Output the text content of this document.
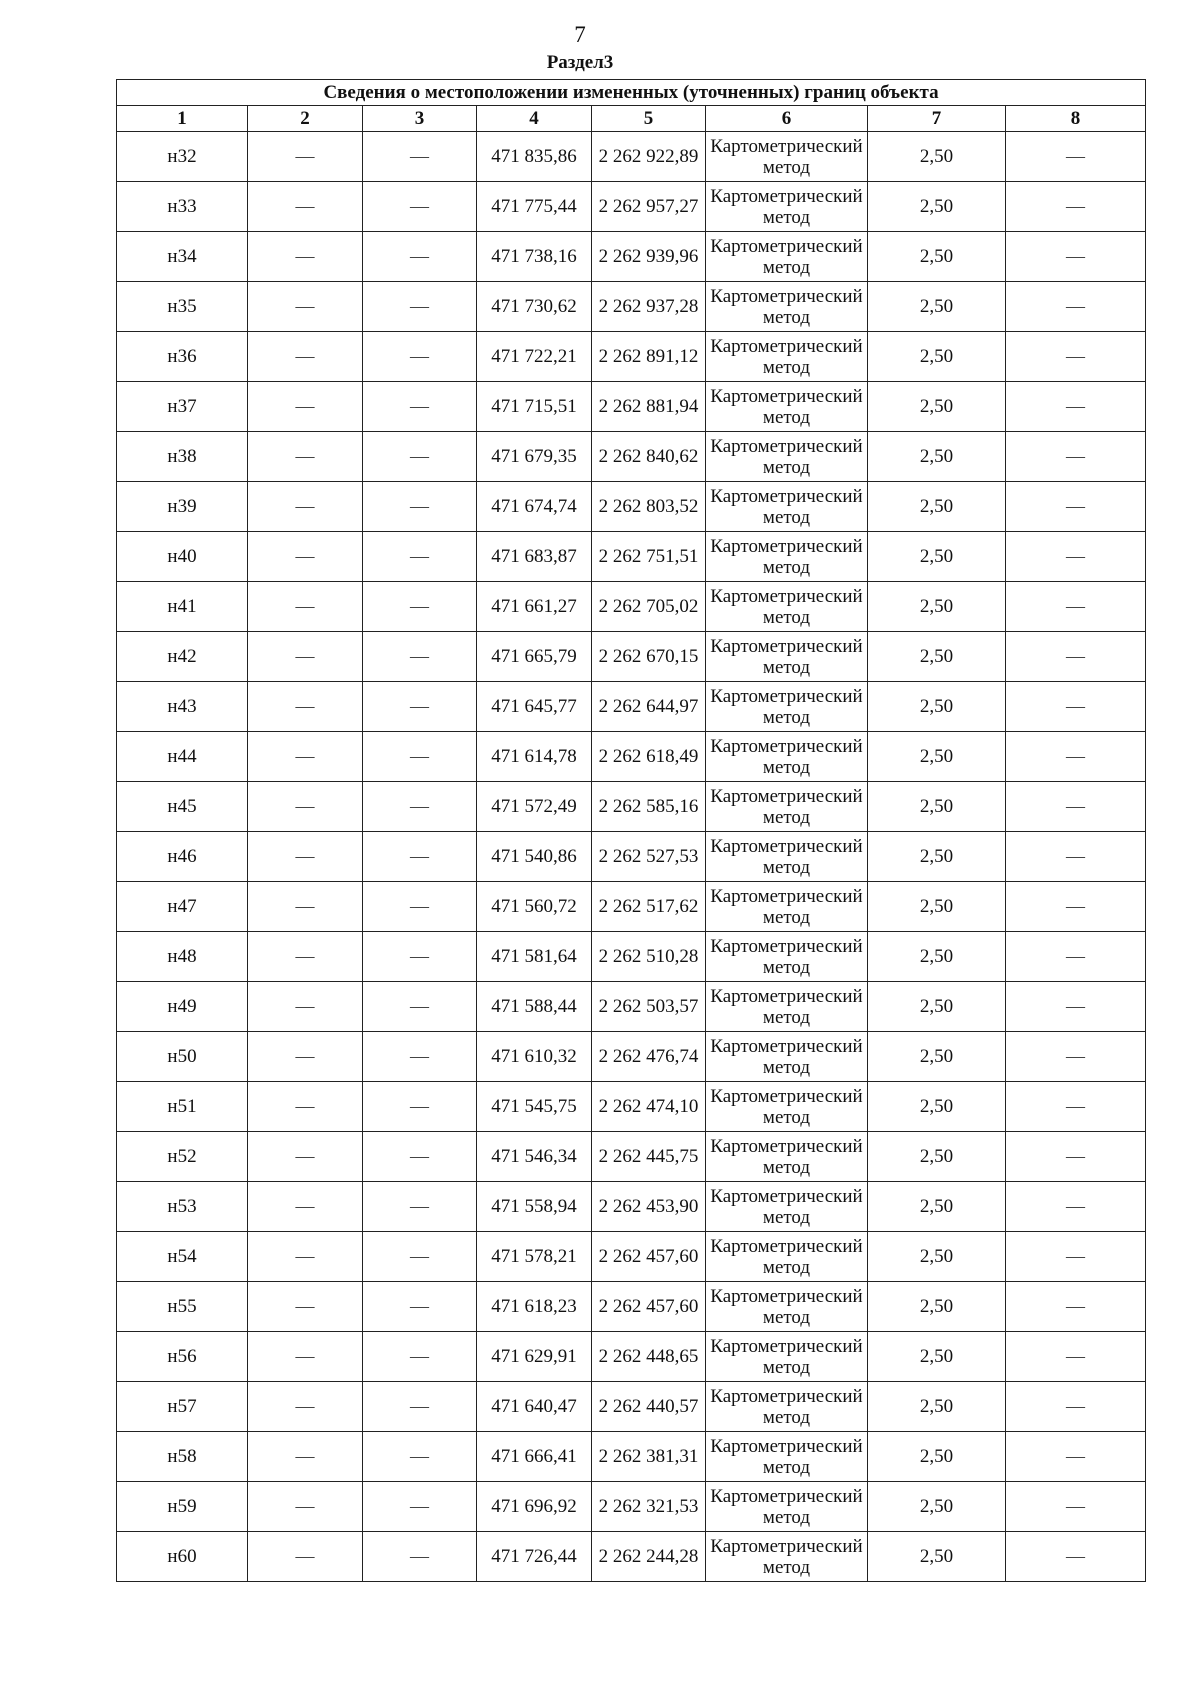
7
Раздел3
Сведения о местоположении измененных (уточненных) границ объекта							
1	2	3	4	5	6	7	8
н32	—	—	471 835,86	2 262 922,89	Картометрический метод	2,50	—
н33	—	—	471 775,44	2 262 957,27	Картометрический метод	2,50	—
н34	—	—	471 738,16	2 262 939,96	Картометрический метод	2,50	—
н35	—	—	471 730,62	2 262 937,28	Картометрический метод	2,50	—
н36	—	—	471 722,21	2 262 891,12	Картометрический метод	2,50	—
н37	—	—	471 715,51	2 262 881,94	Картометрический метод	2,50	—
н38	—	—	471 679,35	2 262 840,62	Картометрический метод	2,50	—
н39	—	—	471 674,74	2 262 803,52	Картометрический метод	2,50	—
н40	—	—	471 683,87	2 262 751,51	Картометрический метод	2,50	—
н41	—	—	471 661,27	2 262 705,02	Картометрический метод	2,50	—
н42	—	—	471 665,79	2 262 670,15	Картометрический метод	2,50	—
н43	—	—	471 645,77	2 262 644,97	Картометрический метод	2,50	—
н44	—	—	471 614,78	2 262 618,49	Картометрический метод	2,50	—
н45	—	—	471 572,49	2 262 585,16	Картометрический метод	2,50	—
н46	—	—	471 540,86	2 262 527,53	Картометрический метод	2,50	—
н47	—	—	471 560,72	2 262 517,62	Картометрический метод	2,50	—
н48	—	—	471 581,64	2 262 510,28	Картометрический метод	2,50	—
н49	—	—	471 588,44	2 262 503,57	Картометрический метод	2,50	—
н50	—	—	471 610,32	2 262 476,74	Картометрический метод	2,50	—
н51	—	—	471 545,75	2 262 474,10	Картометрический метод	2,50	—
н52	—	—	471 546,34	2 262 445,75	Картометрический метод	2,50	—
н53	—	—	471 558,94	2 262 453,90	Картометрический метод	2,50	—
н54	—	—	471 578,21	2 262 457,60	Картометрический метод	2,50	—
н55	—	—	471 618,23	2 262 457,60	Картометрический метод	2,50	—
н56	—	—	471 629,91	2 262 448,65	Картометрический метод	2,50	—
н57	—	—	471 640,47	2 262 440,57	Картометрический метод	2,50	—
н58	—	—	471 666,41	2 262 381,31	Картометрический метод	2,50	—
н59	—	—	471 696,92	2 262 321,53	Картометрический метод	2,50	—
н60	—	—	471 726,44	2 262 244,28	Картометрический метод	2,50	—
